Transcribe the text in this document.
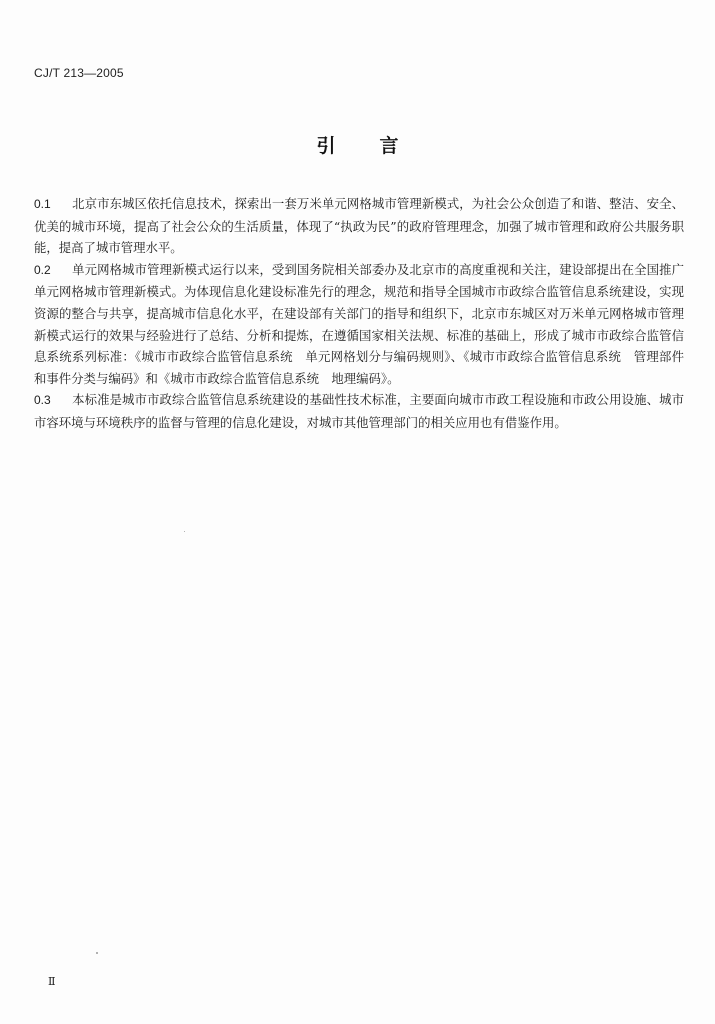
CJ/T 213—2005
引言

0.1 北京市东城区依托信息技术，探索出一套万米单元网格城市管理新模式，为社会公众创造了和谐、整洁、安全、优美的城市环境，提高了社会公众的生活质量，体现了“执政为民”的政府管理理念，加强了城市管理和政府公共服务职能，提高了城市管理水平。

0.2 单元网格城市管理新模式运行以来，受到国务院相关部委办及北京市的高度重视和关注，建设部提出在全国推广单元网格城市管理新模式。为体现信息化建设标准先行的理念，规范和指导全国城市市政综合监管信息系统建设，实现资源的整合与共享，提高城市信息化水平，在建设部有关部门的指导和组织下，北京市东城区对万米单元网格城市管理新模式运行的效果与经验进行了总结、分析和提炼，在遵循国家相关法规、标准的基础上，形成了城市市政综合监管信息系统系列标准：《城市市政综合监管信息系统　单元网格划分与编码规则》、《城市市政综合监管信息系统　管理部件和事件分类与编码》和《城市市政综合监管信息系统　地理编码》。

0.3 本标准是城市市政综合监管信息系统建设的基础性技术标准，主要面向城市市政工程设施和市政公用设施、城市市容环境与环境秩序的监督与管理的信息化建设，对城市其他管理部门的相关应用也有借鉴作用。

Ⅱ
